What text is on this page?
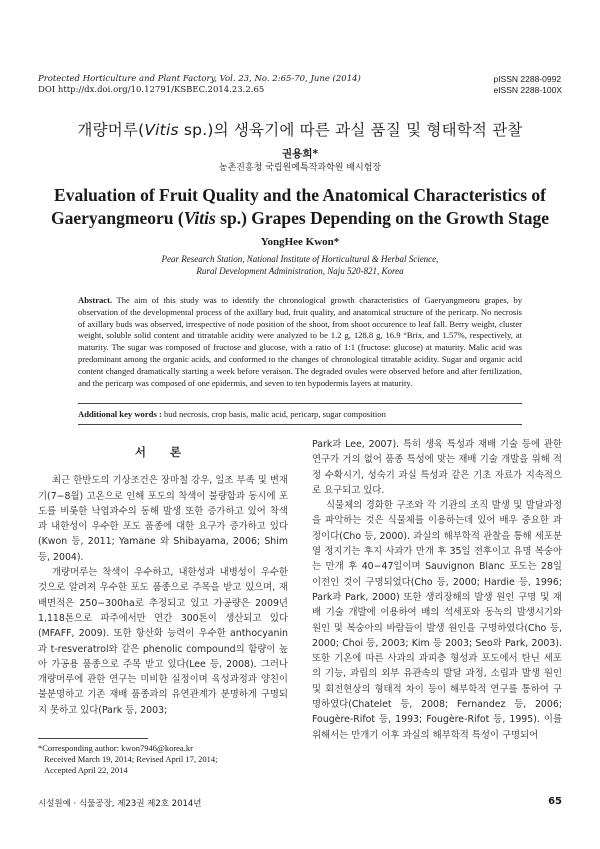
Protected Horticulture and Plant Factory, Vol. 23, No. 2:65-70, June (2014)
DOI http://dx.doi.org/10.12791/KSBEC.2014.23.2.65
pISSN 2288-0992
eISSN 2288-100X
개량머루(Vitis sp.)의 생육기에 따른 과실 품질 및 형태학적 관찰
권용희*
농촌진흥청 국립원예특작과학원 배시험장
Evaluation of Fruit Quality and the Anatomical Characteristics of
Gaeryangmeoru (Vitis sp.) Grapes Depending on the Growth Stage
YongHee Kwon*
Pear Research Station, National Institute of Horticultural & Herbal Science,
Rural Development Administration, Naju 520-821, Korea
Abstract. The aim of this study was to identify the chronological growth characteristics of Gaeryangmeoru grapes, by observation of the developmental process of the axillary bud, fruit quality, and anatomical structure of the pericarp. No necrosis of axillary buds was observed, irrespective of node position of the shoot, from shoot occurence to leaf fall. Berry weight, cluster weight, soluble solid content and titratable acidity were analyzed to be 1.2 g, 128.8 g, 16.9 °Brix, and 1.57%, respectively, at maturity. The sugar was composed of fructose and glucose, with a ratio of 1:1 (fructose: glucose) at maturity. Malic acid was predominant among the organic acids, and conformed to the changes of chronological titratable acidity. Sugar and organic acid content changed dramatically starting a week before veraison. The degraded ovules were observed before and after fertilization, and the pericarp was composed of one epidermis, and seven to ten hypodermis layers at maturity.
Additional key words : bud necrosis, crop basis, malic acid, pericarp, sugar composition
서 론

최근 한반도의 기상조건은 장마철 강우, 일조 부족 및 변재기(7−8월) 고온으로 인해 포도의 착색이 불량함과 동시에 포도를 비롯한 낙엽과수의 동해 발생 또한 증가하고 있어 착색과 내한성이 우수한 포도 품종에 대한 요구가 증가하고 있다(Kwon 등, 2011; Yamane 와 Shibayama, 2006; Shim 등, 2004).

개량머루는 착색이 우수하고, 내한성과 내병성이 우수한 것으로 알려져 우수한 포도 품종으로 주목을 받고 있으며, 재배면적은 250−300ha로 추정되고 있고 가공량은 2009년 1,118톤으로 파주에서만 연간 300톤이 생산되고 있다(MFAFF, 2009). 또한 항산화 능력이 우수한 anthocyanin과 t-resveratrol와 같은 phenolic compound의 함량이 높아 가공용 품종으로 주목 받고 있다(Lee 등, 2008). 그러나 개량머루에 관한 연구는 미비한 실정이며 육성과정과 양친이 불분명하고 기존 재배 품종과의 유연관계가 분명하게 구명되지 못하고 있다(Park 등, 2003;

Park과 Lee, 2007). 특히 생육 특성과 재배 기술 등에 관한 연구가 거의 없어 품종 특성에 맞는 재배 기술 개발을 위해 적정 수확시기, 성숙기 과실 특성과 같은 기초 자료가 지속적으로 요구되고 있다.

식물체의 경화한 구조와 각 기관의 조직 발생 및 발달과정을 파악하는 것은 식물체를 이용하는데 있어 배우 중요한 과정이다(Cho 등, 2000). 과실의 해부학적 관찰을 통해 세포분열 정지기는 후지 사과가 만개 후 35일 전후이고 유명 복숭아는 만개 후 40−47일이며 Sauvignon Blanc 포도는 28일 이전인 것이 구명되었다(Cho 등, 2000; Hardie 등, 1996; Park과 Park, 2000) 또한 생리장해의 발생 원인 구명 및 재배 기술 개발에 이용하여 배의 석세포와 동녹의 발생시기와 원인 및 복숭아의 바람들이 발생 원인을 구명하였다(Cho 등, 2000; Choi 등, 2003; Kim 등 2003; Seo와 Park, 2003). 또한 기온에 따른 사과의 과피층 형성과 포도에서 탄닌 세포의 기능, 과립의 외부 유관속의 발달 과정, 소립과 발생 원인 및 회전현상의 형태적 차이 등이 해부학적 연구를 통하여 구명하였다(Chatelet 등, 2008; Fernandez 등, 2006; Fougère-Rifot 등, 1993; Fougère-Rifot 등, 1995). 이를 위해서는 만개기 이후 과실의 해부학적 특성이 구명되어

*Corresponding author: kwon7946@korea.kr
Received March 19, 2014; Revised April 17, 2014;
Accepted April 22, 2014
시설원예 · 식물공장, 제23권 제2호 2014년	65
